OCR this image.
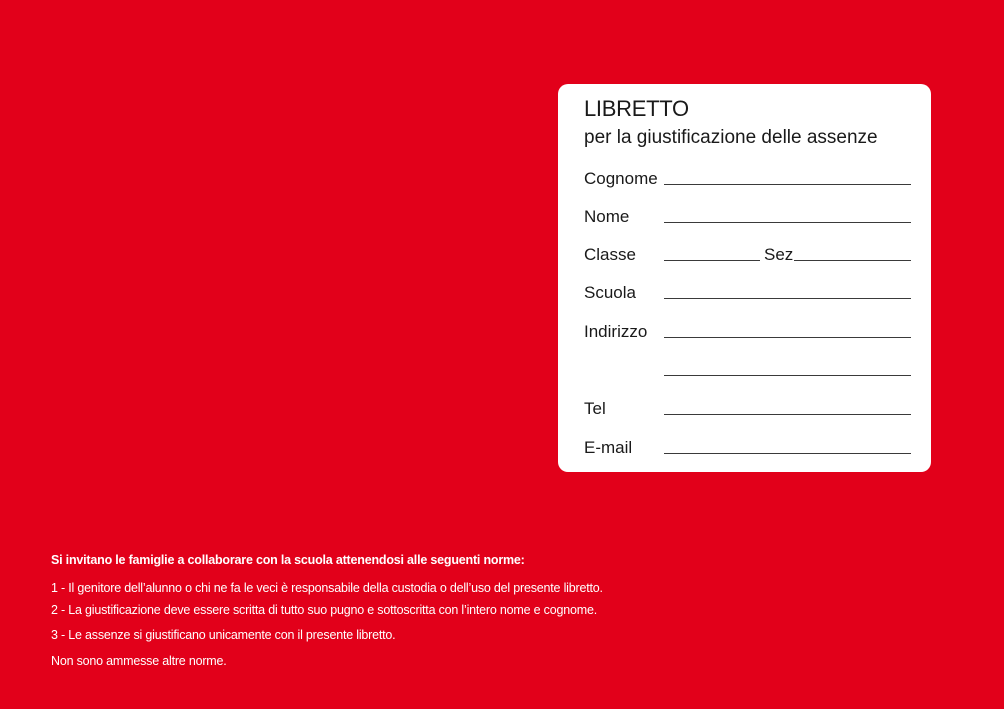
LIBRETTO
per la giustificazione delle assenze
Cognome
Nome
Classe	Sez
Scuola
Indirizzo
Tel
E-mail
Si invitano le famiglie a collaborare con la scuola attenendosi alle seguenti norme:
1 - Il genitore dell’alunno o chi ne fa le veci è responsabile della custodia o dell’uso del presente libretto.
2 - La giustificazione deve essere scritta di tutto suo pugno e sottoscritta con l’intero nome e cognome.
3 - Le assenze si giustificano unicamente con il presente libretto.
Non sono ammesse altre norme.
